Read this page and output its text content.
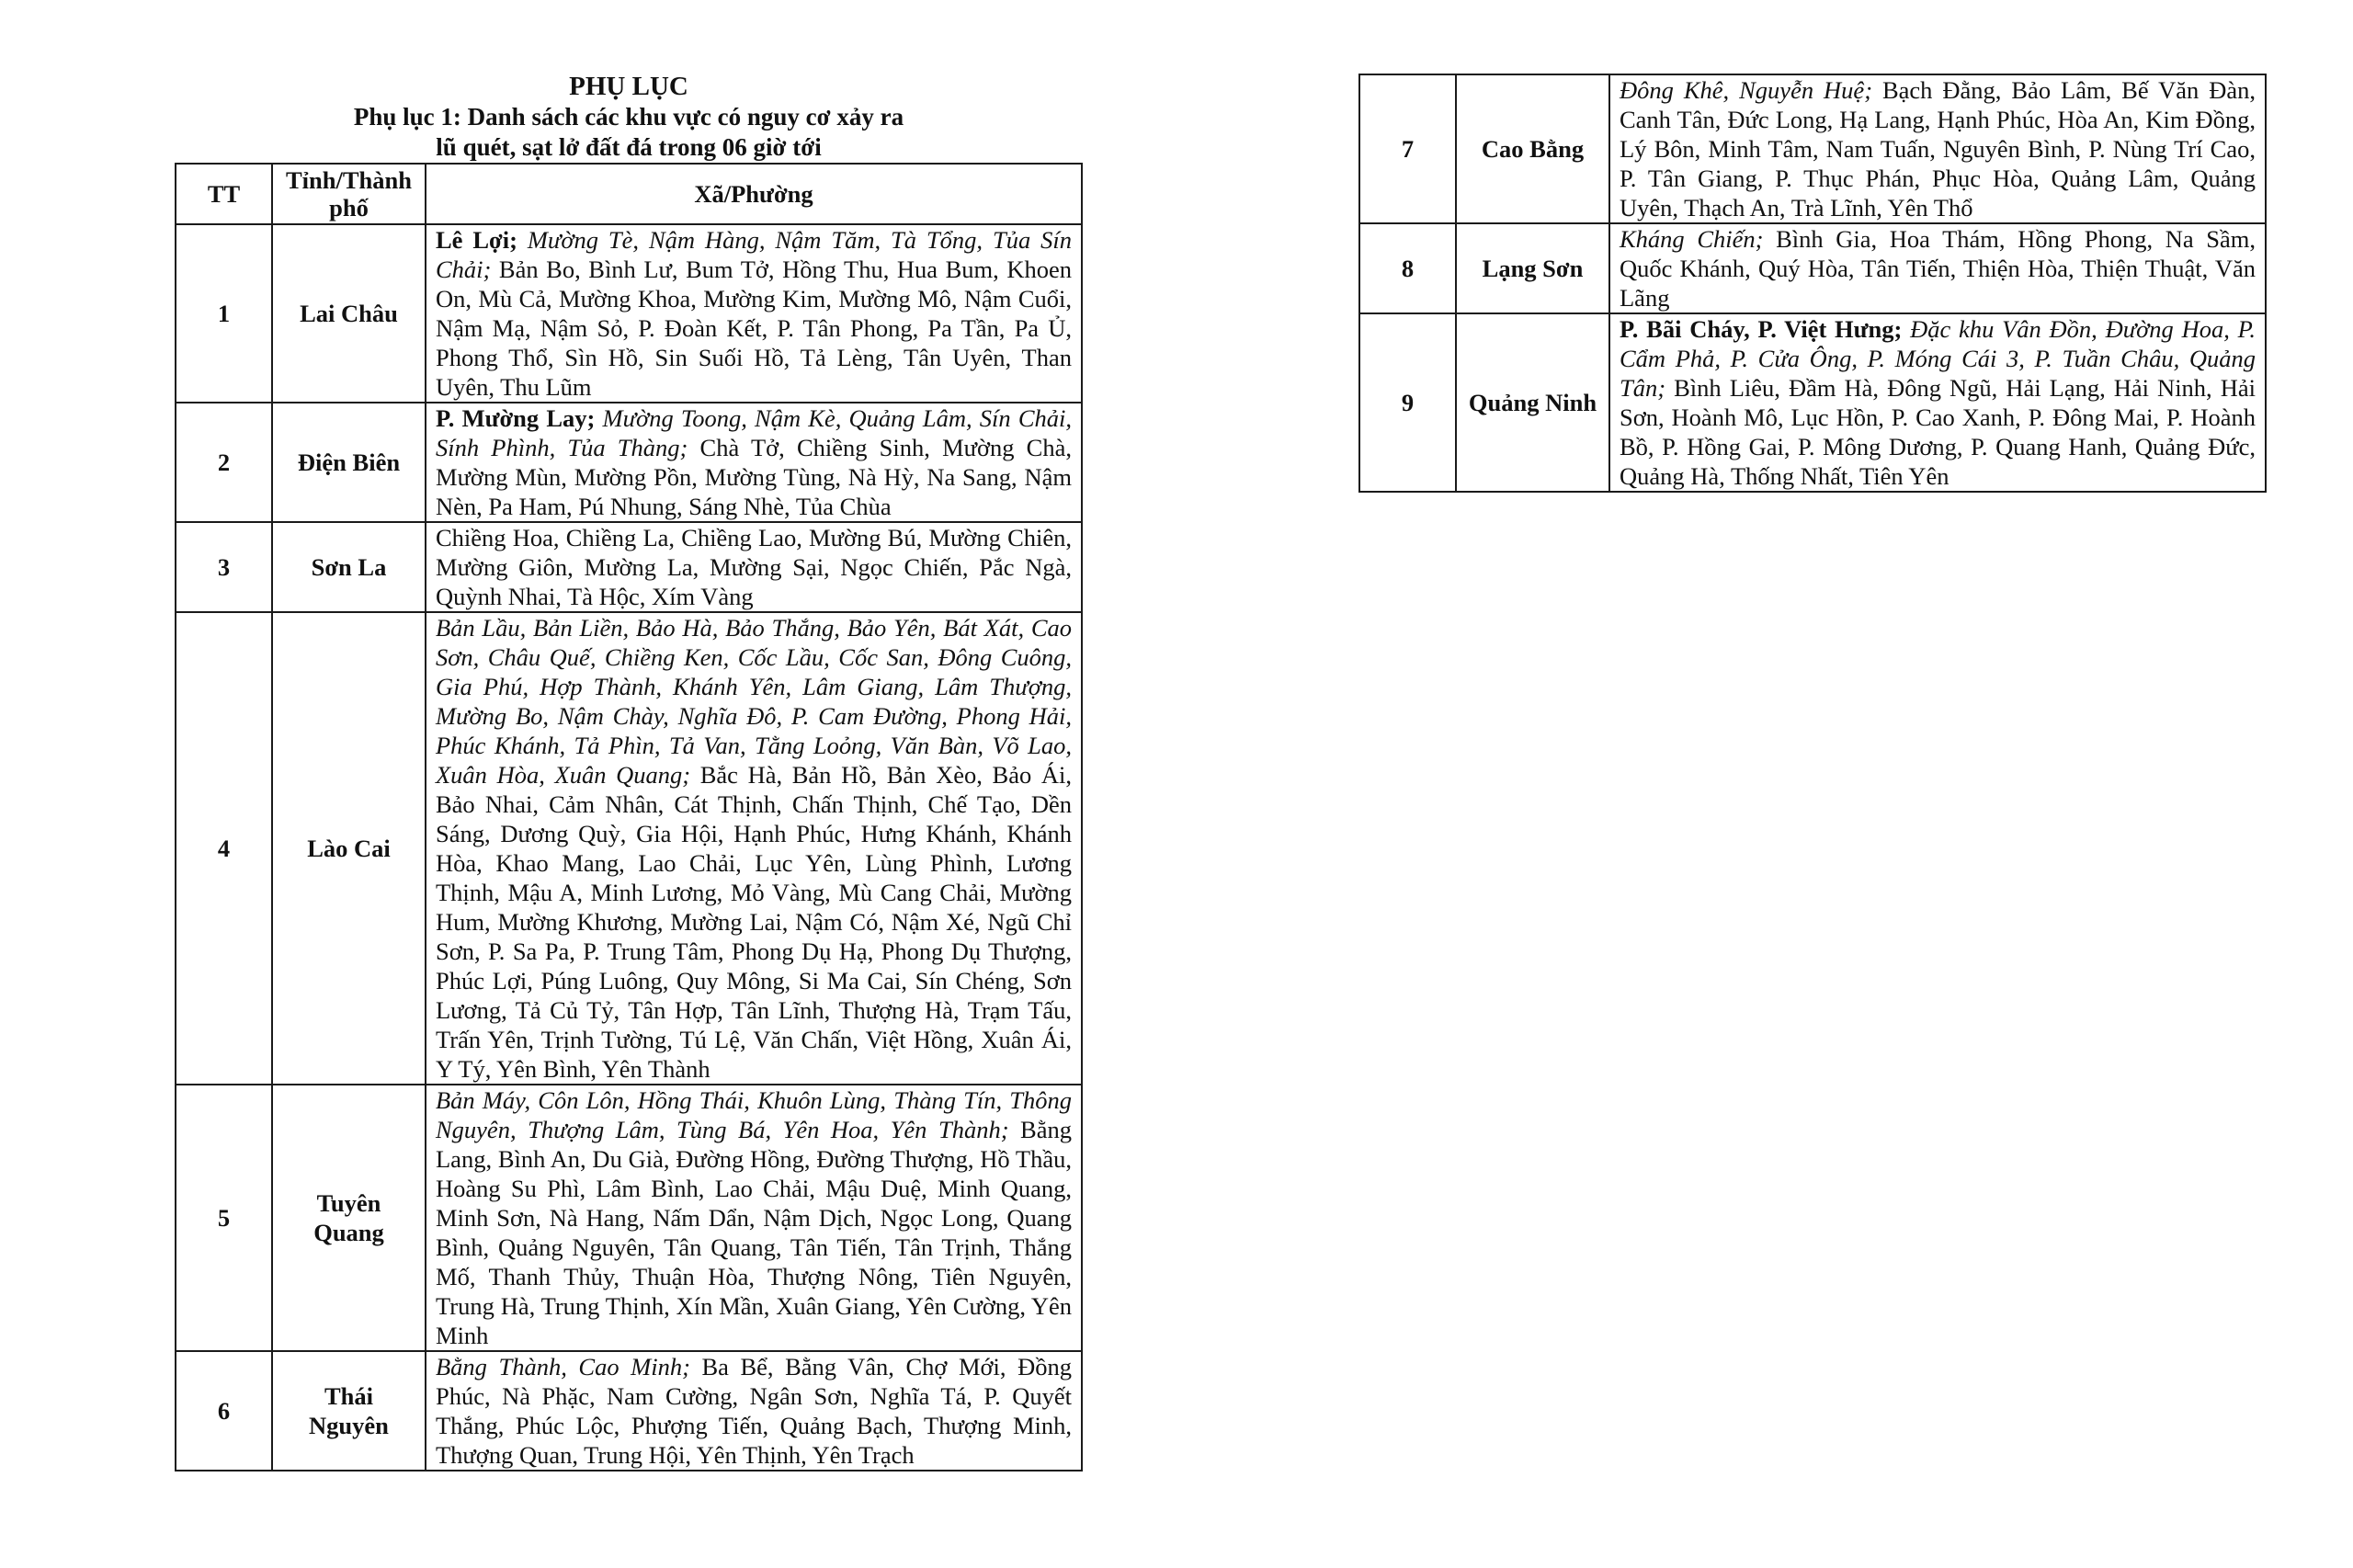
PHỤ LỤC
Phụ lục 1: Danh sách các khu vực có nguy cơ xảy ra
lũ quét, sạt lở đất đá trong 06 giờ tới
TT	Tỉnh/Thành phố	Xã/Phường
1	Lai Châu	Lê Lợi; Mường Tè, Nậm Hàng, Nậm Tăm, Tà Tổng, Tủa Sín Chải; Bản Bo, Bình Lư, Bum Tở, Hồng Thu, Hua Bum, Khoen On, Mù Cả, Mường Khoa, Mường Kim, Mường Mô, Nậm Cuổi, Nậm Mạ, Nậm Sỏ, P. Đoàn Kết, P. Tân Phong, Pa Tần, Pa Ủ, Phong Thổ, Sìn Hồ, Sin Suối Hồ, Tả Lèng, Tân Uyên, Than Uyên, Thu Lũm
2	Điện Biên	P. Mường Lay; Mường Toong, Nậm Kè, Quảng Lâm, Sín Chải, Sính Phình, Tủa Thàng; Chà Tở, Chiềng Sinh, Mường Chà, Mường Mùn, Mường Pồn, Mường Tùng, Nà Hỳ, Na Sang, Nậm Nèn, Pa Ham, Pú Nhung, Sáng Nhè, Tủa Chùa
3	Sơn La	Chiềng Hoa, Chiềng La, Chiềng Lao, Mường Bú, Mường Chiên, Mường Giôn, Mường La, Mường Sại, Ngọc Chiến, Pắc Ngà, Quỳnh Nhai, Tà Hộc, Xím Vàng
4	Lào Cai	Bản Lầu, Bản Liền, Bảo Hà, Bảo Thắng, Bảo Yên, Bát Xát, Cao Sơn, Châu Quế, Chiềng Ken, Cốc Lầu, Cốc San, Đông Cuông, Gia Phú, Hợp Thành, Khánh Yên, Lâm Giang, Lâm Thượng, Mường Bo, Nậm Chày, Nghĩa Đô, P. Cam Đường, Phong Hải, Phúc Khánh, Tả Phìn, Tả Van, Tằng Loỏng, Văn Bàn, Võ Lao, Xuân Hòa, Xuân Quang; Bắc Hà, Bản Hồ, Bản Xèo, Bảo Ái, Bảo Nhai, Cảm Nhân, Cát Thịnh, Chấn Thịnh, Chế Tạo, Dền Sáng, Dương Quỳ, Gia Hội, Hạnh Phúc, Hưng Khánh, Khánh Hòa, Khao Mang, Lao Chải, Lục Yên, Lùng Phình, Lương Thịnh, Mậu A, Minh Lương, Mỏ Vàng, Mù Cang Chải, Mường Hum, Mường Khương, Mường Lai, Nậm Có, Nậm Xé, Ngũ Chỉ Sơn, P. Sa Pa, P. Trung Tâm, Phong Dụ Hạ, Phong Dụ Thượng, Phúc Lợi, Púng Luông, Quy Mông, Si Ma Cai, Sín Chéng, Sơn Lương, Tả Củ Tỷ, Tân Hợp, Tân Lĩnh, Thượng Hà, Trạm Tấu, Trấn Yên, Trịnh Tường, Tú Lệ, Văn Chấn, Việt Hồng, Xuân Ái, Y Tý, Yên Bình, Yên Thành
5	Tuyên Quang	Bản Máy, Côn Lôn, Hồng Thái, Khuôn Lùng, Thàng Tín, Thông Nguyên, Thượng Lâm, Tùng Bá, Yên Hoa, Yên Thành; Bằng Lang, Bình An, Du Già, Đường Hồng, Đường Thượng, Hồ Thầu, Hoàng Su Phì, Lâm Bình, Lao Chải, Mậu Duệ, Minh Quang, Minh Sơn, Nà Hang, Nấm Dẩn, Nậm Dịch, Ngọc Long, Quang Bình, Quảng Nguyên, Tân Quang, Tân Tiến, Tân Trịnh, Thắng Mố, Thanh Thủy, Thuận Hòa, Thượng Nông, Tiên Nguyên, Trung Hà, Trung Thịnh, Xín Mần, Xuân Giang, Yên Cường, Yên Minh
6	Thái Nguyên	Bằng Thành, Cao Minh; Ba Bể, Bằng Vân, Chợ Mới, Đồng Phúc, Nà Phặc, Nam Cường, Ngân Sơn, Nghĩa Tá, P. Quyết Thắng, Phúc Lộc, Phượng Tiến, Quảng Bạch, Thượng Minh, Thượng Quan, Trung Hội, Yên Thịnh, Yên Trạch
7	Cao Bằng	Đông Khê, Nguyễn Huệ; Bạch Đằng, Bảo Lâm, Bế Văn Đàn, Canh Tân, Đức Long, Hạ Lang, Hạnh Phúc, Hòa An, Kim Đồng, Lý Bôn, Minh Tâm, Nam Tuấn, Nguyên Bình, P. Nùng Trí Cao, P. Tân Giang, P. Thục Phán, Phục Hòa, Quảng Lâm, Quảng Uyên, Thạch An, Trà Lĩnh, Yên Thổ
8	Lạng Sơn	Kháng Chiến; Bình Gia, Hoa Thám, Hồng Phong, Na Sầm, Quốc Khánh, Quý Hòa, Tân Tiến, Thiện Hòa, Thiện Thuật, Văn Lãng
9	Quảng Ninh	P. Bãi Cháy, P. Việt Hưng; Đặc khu Vân Đồn, Đường Hoa, P. Cẩm Phả, P. Cửa Ông, P. Móng Cái 3, P. Tuần Châu, Quảng Tân; Bình Liêu, Đầm Hà, Đông Ngũ, Hải Lạng, Hải Ninh, Hải Sơn, Hoành Mô, Lục Hồn, P. Cao Xanh, P. Đông Mai, P. Hoành Bồ, P. Hồng Gai, P. Mông Dương, P. Quang Hanh, Quảng Đức, Quảng Hà, Thống Nhất, Tiên Yên
